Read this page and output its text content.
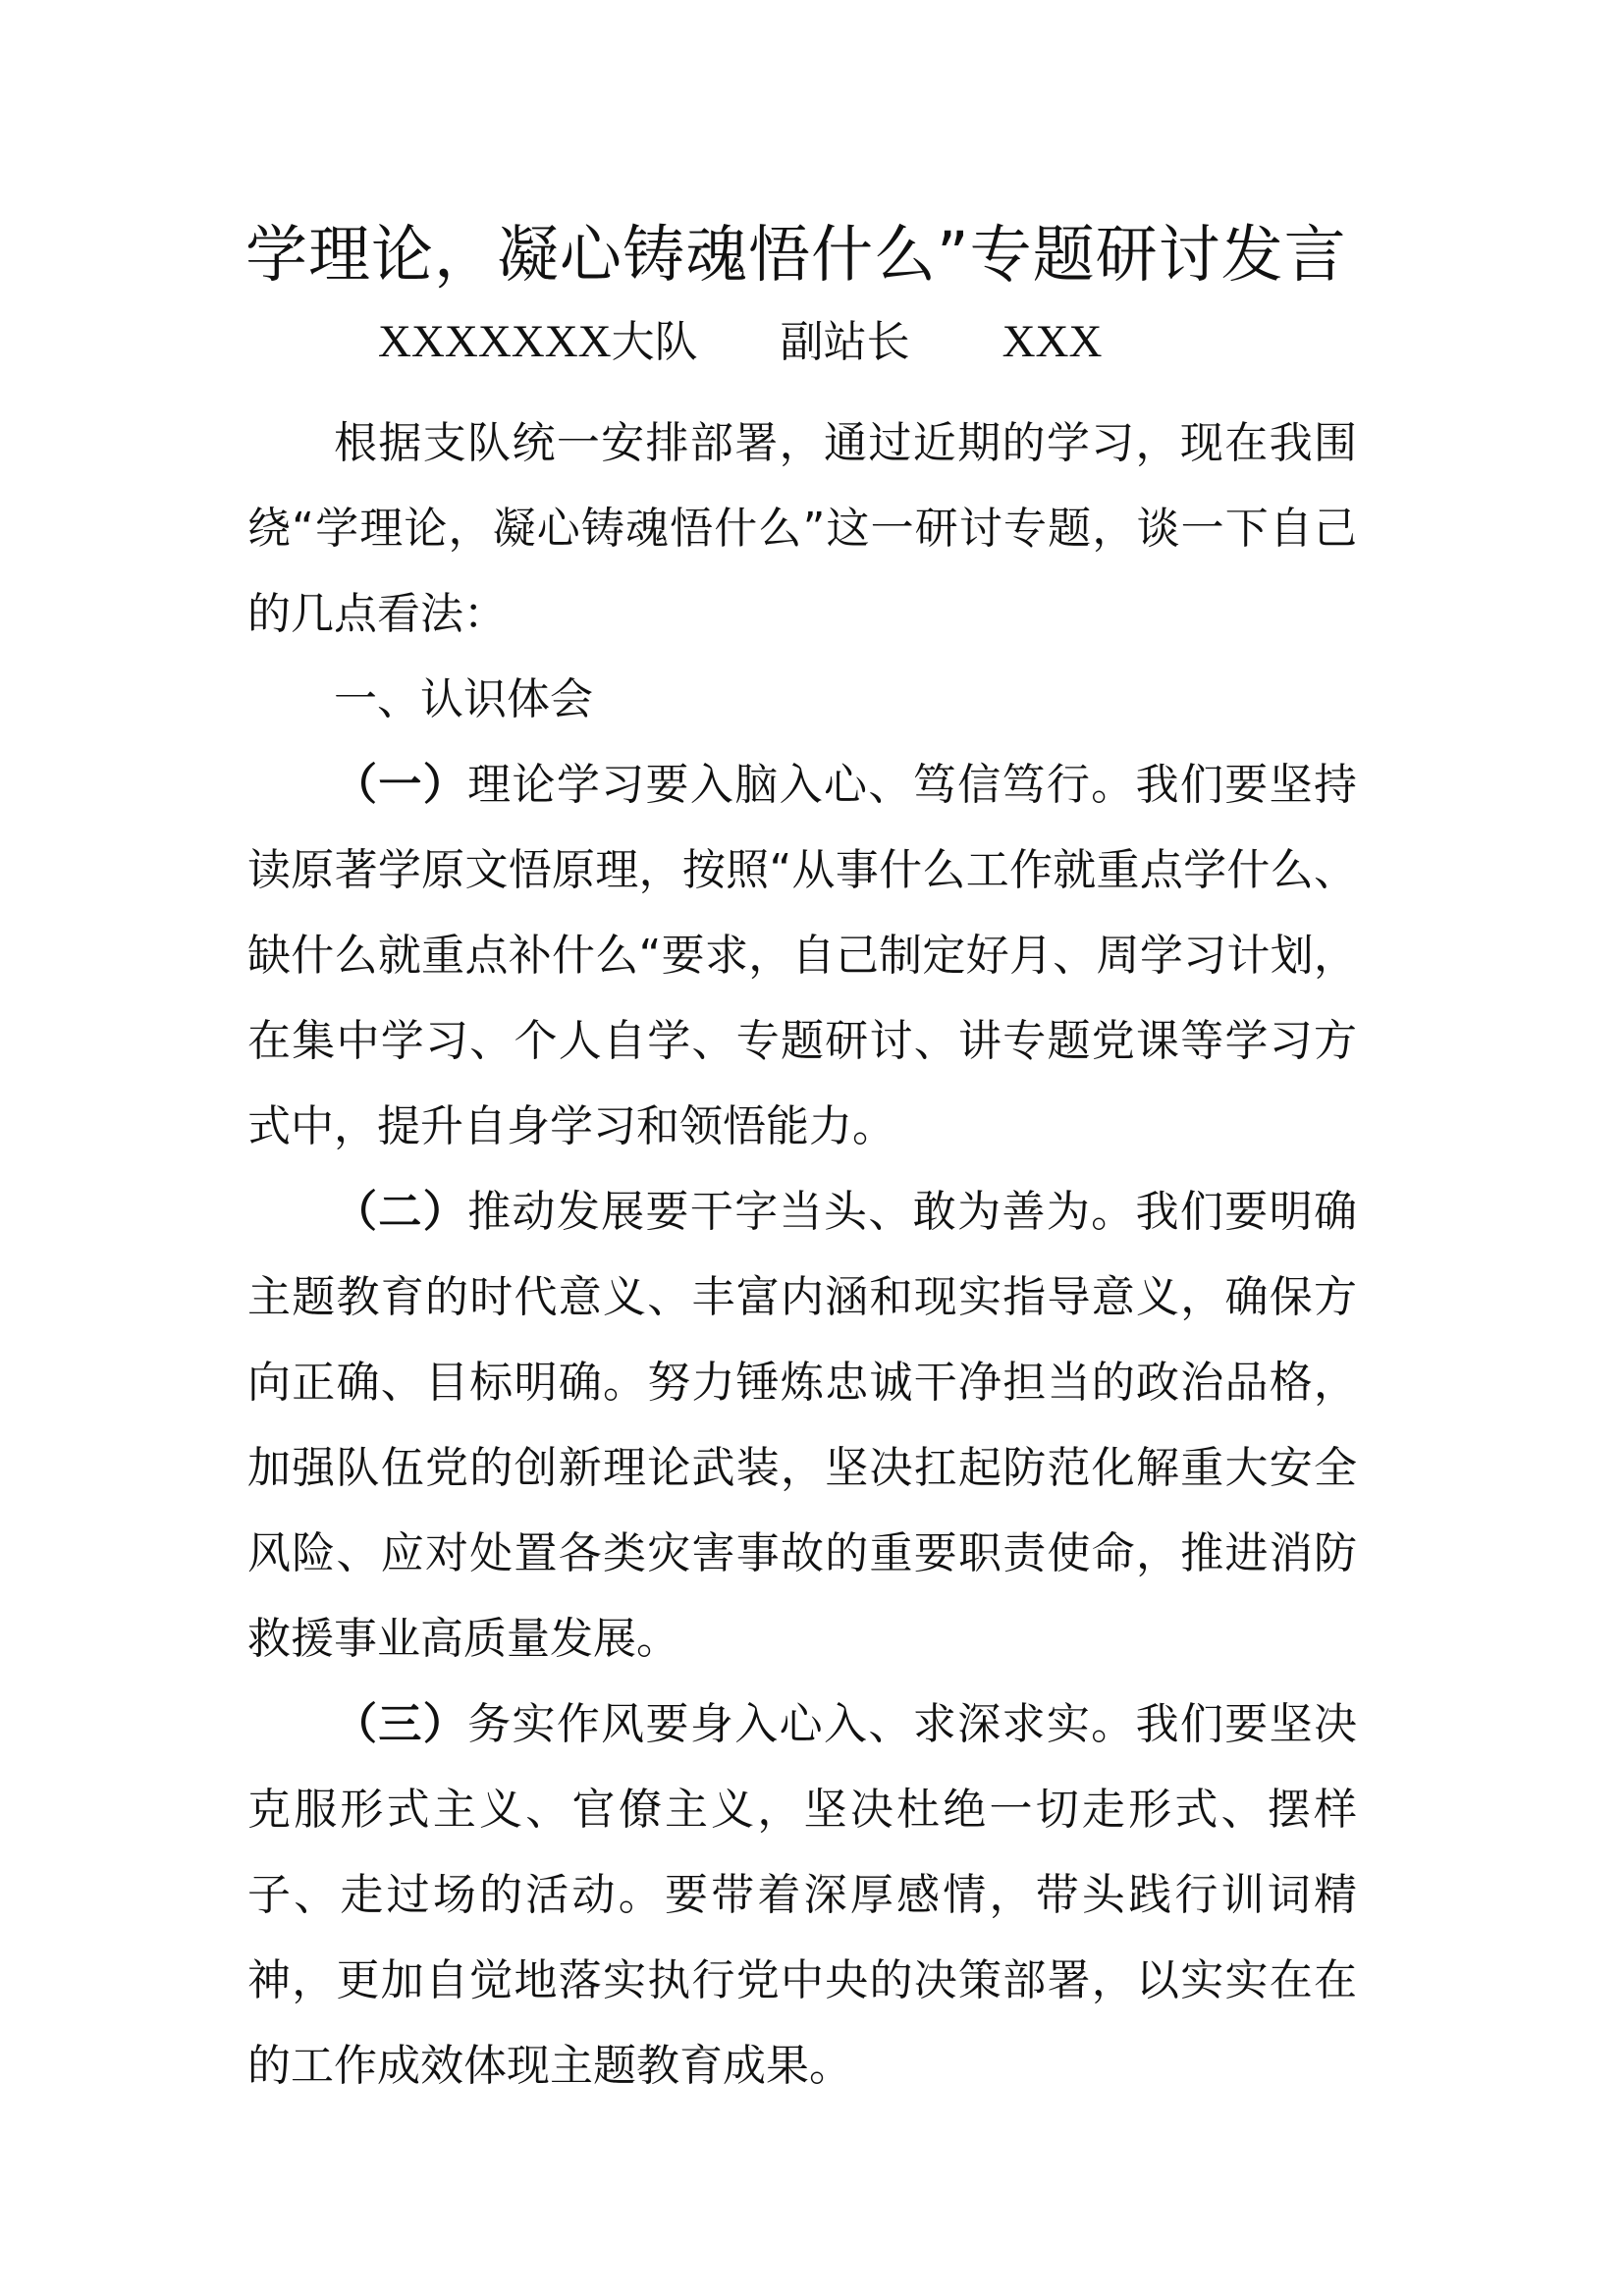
学理论，凝心铸魂悟什么”专题研讨发言
XXXXXXX大队 副站长 XXX

根据支队统一安排部署，通过近期的学习，现在我围绕“学理论，凝心铸魂悟什么”这一研讨专题，谈一下自己的几点看法：

一、认识体会

（一）理论学习要入脑入心、笃信笃行。我们要坚持读原著学原文悟原理，按照“从事什么工作就重点学什么、缺什么就重点补什么“要求，自己制定好月、周学习计划，在集中学习、个人自学、专题研讨、讲专题党课等学习方式中，提升自身学习和领悟能力。

（二）推动发展要干字当头、敢为善为。我们要明确主题教育的时代意义、丰富内涵和现实指导意义，确保方向正确、目标明确。努力锤炼忠诚干净担当的政治品格，加强队伍党的创新理论武装，坚决扛起防范化解重大安全风险、应对处置各类灾害事故的重要职责使命，推进消防救援事业高质量发展。

（三）务实作风要身入心入、求深求实。我们要坚决克服形式主义、官僚主义，坚决杜绝一切走形式、摆样子、走过场的活动。要带着深厚感情，带头践行训词精神，更加自觉地落实执行党中央的决策部署，以实实在在的工作成效体现主题教育成果。
